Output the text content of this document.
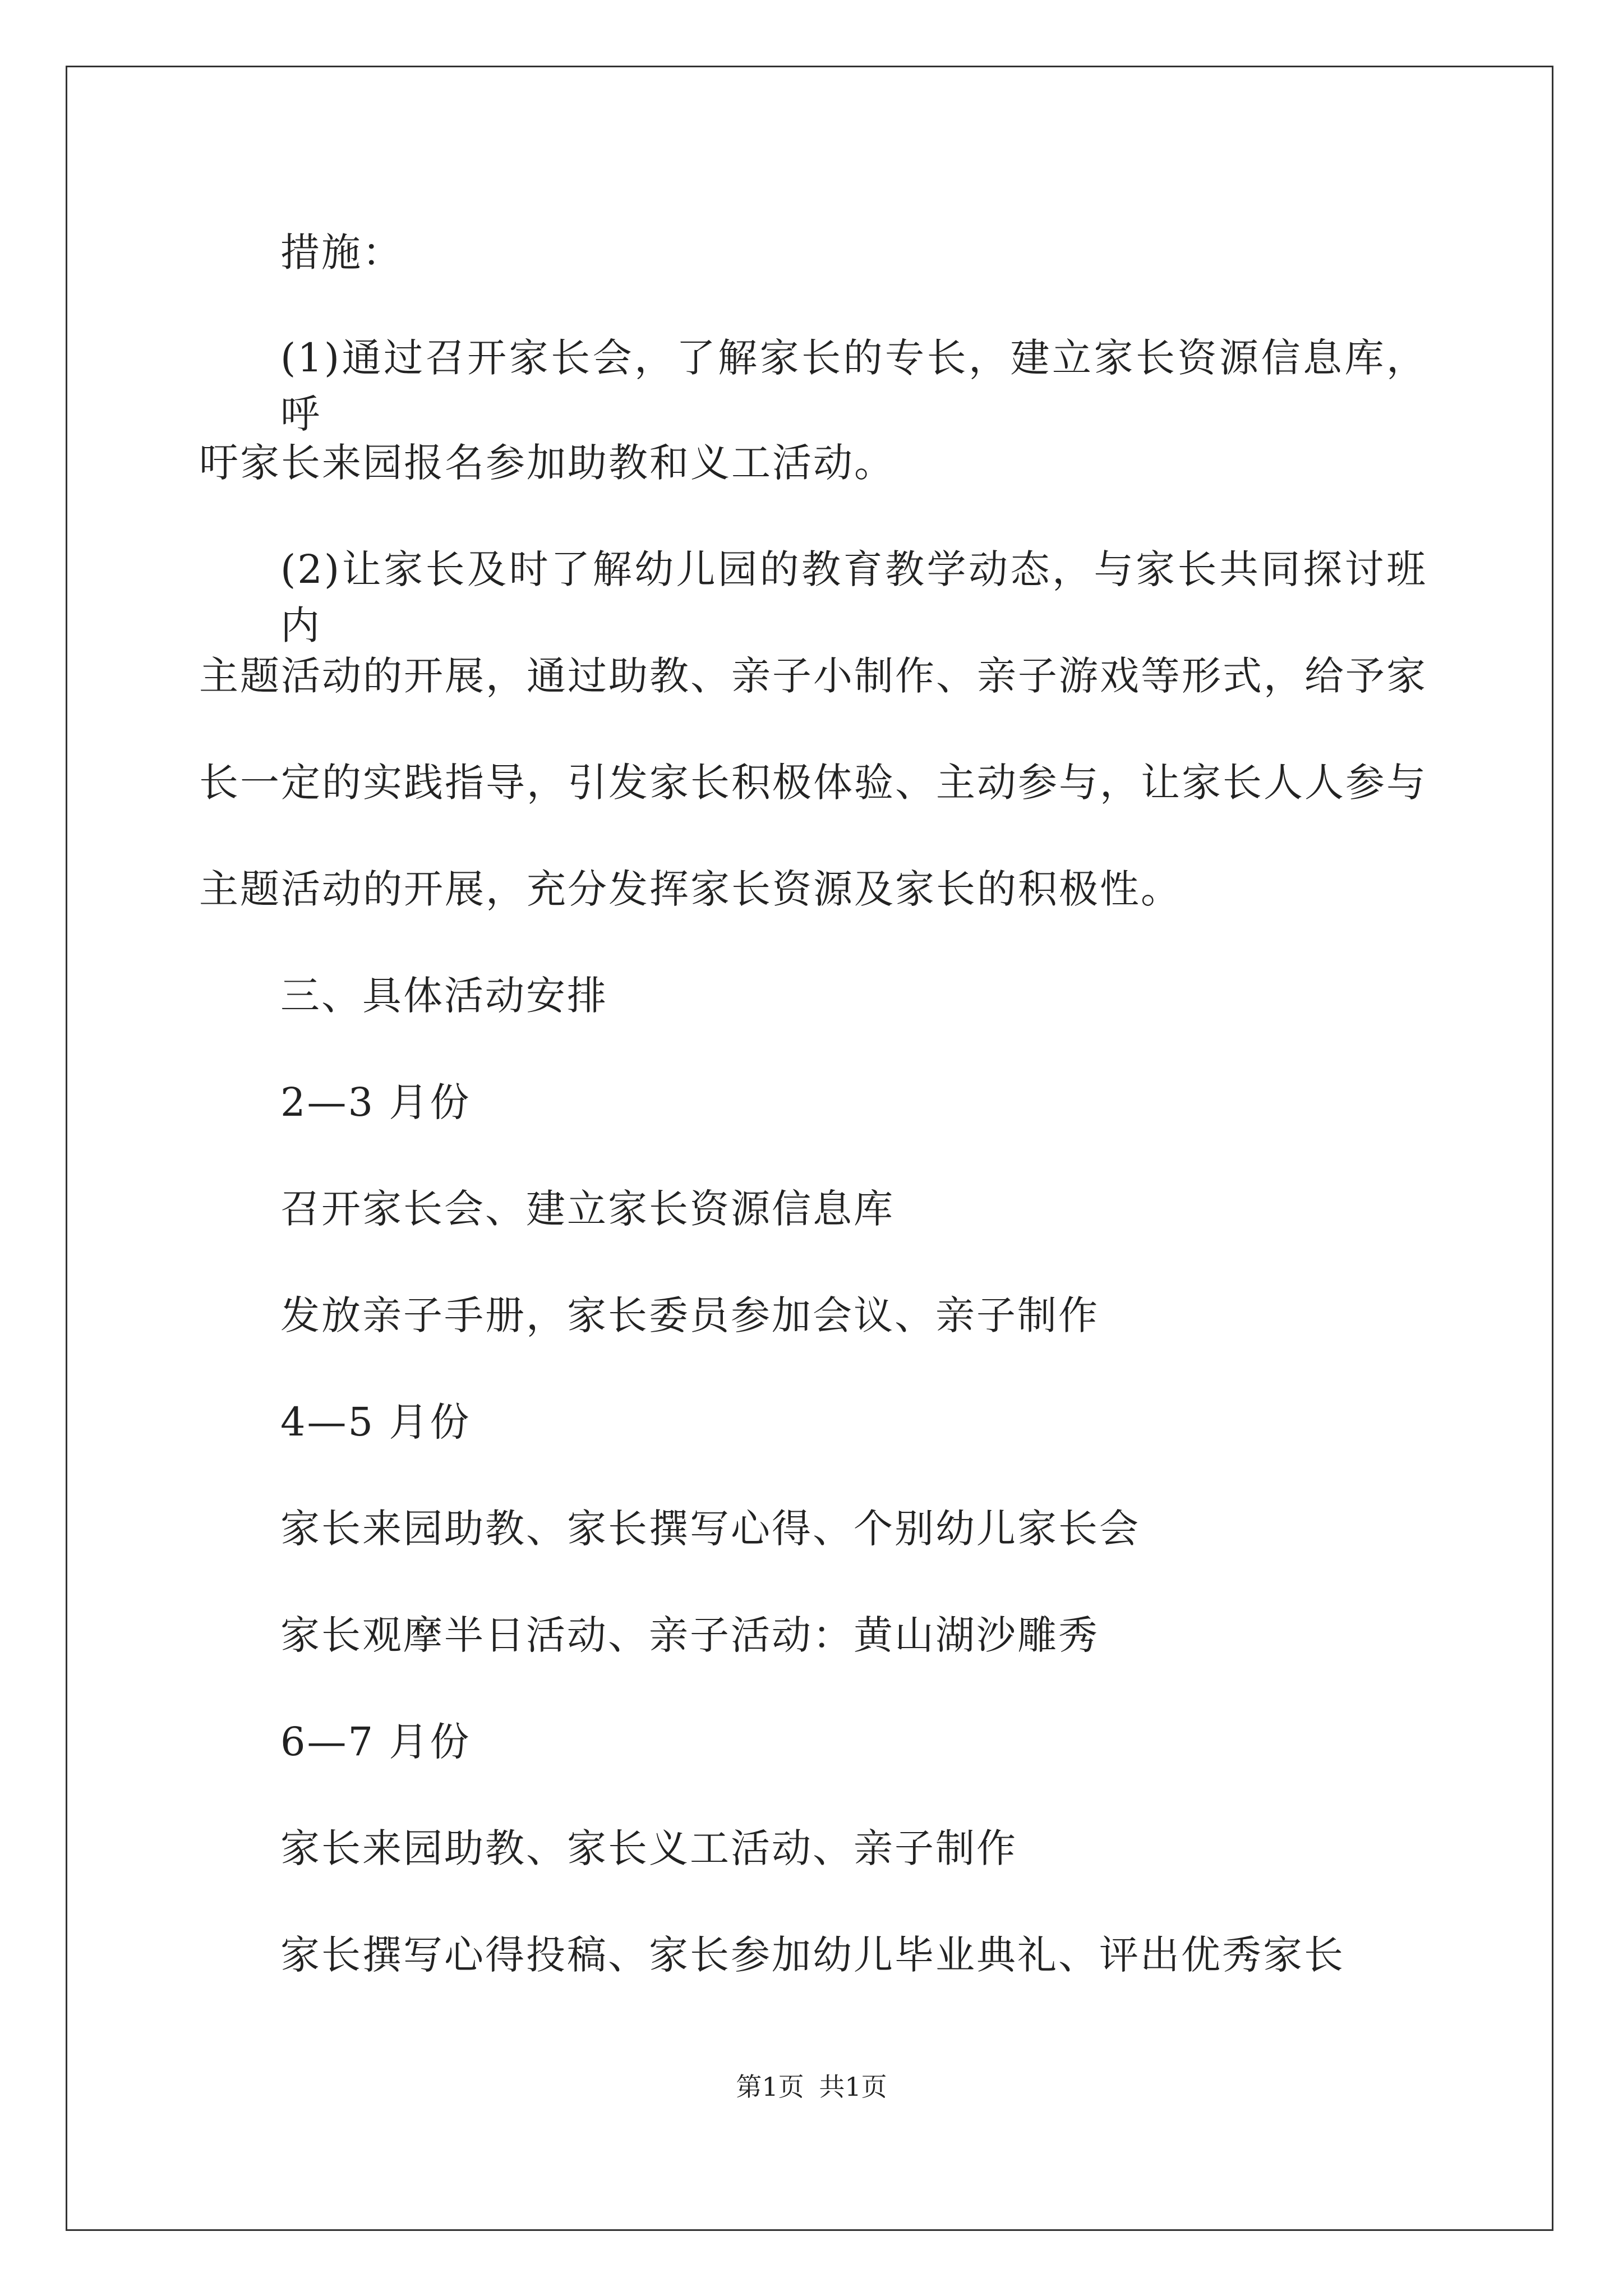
措施：
(1)通过召开家长会，了解家长的专长，建立家长资源信息库，呼
吁家长来园报名参加助教和义工活动。
(2)让家长及时了解幼儿园的教育教学动态，与家长共同探讨班内
主题活动的开展，通过助教、亲子小制作、亲子游戏等形式，给予家
长一定的实践指导，引发家长积极体验、主动参与，让家长人人参与
主题活动的开展，充分发挥家长资源及家长的积极性。
三、具体活动安排
2—3 月份
召开家长会、建立家长资源信息库
发放亲子手册，家长委员参加会议、亲子制作
4—5 月份
家长来园助教、家长撰写心得、个别幼儿家长会
家长观摩半日活动、亲子活动：黄山湖沙雕秀
6—7 月份
家长来园助教、家长义工活动、亲子制作
家长撰写心得投稿、家长参加幼儿毕业典礼、评出优秀家长
第1页 共1页
